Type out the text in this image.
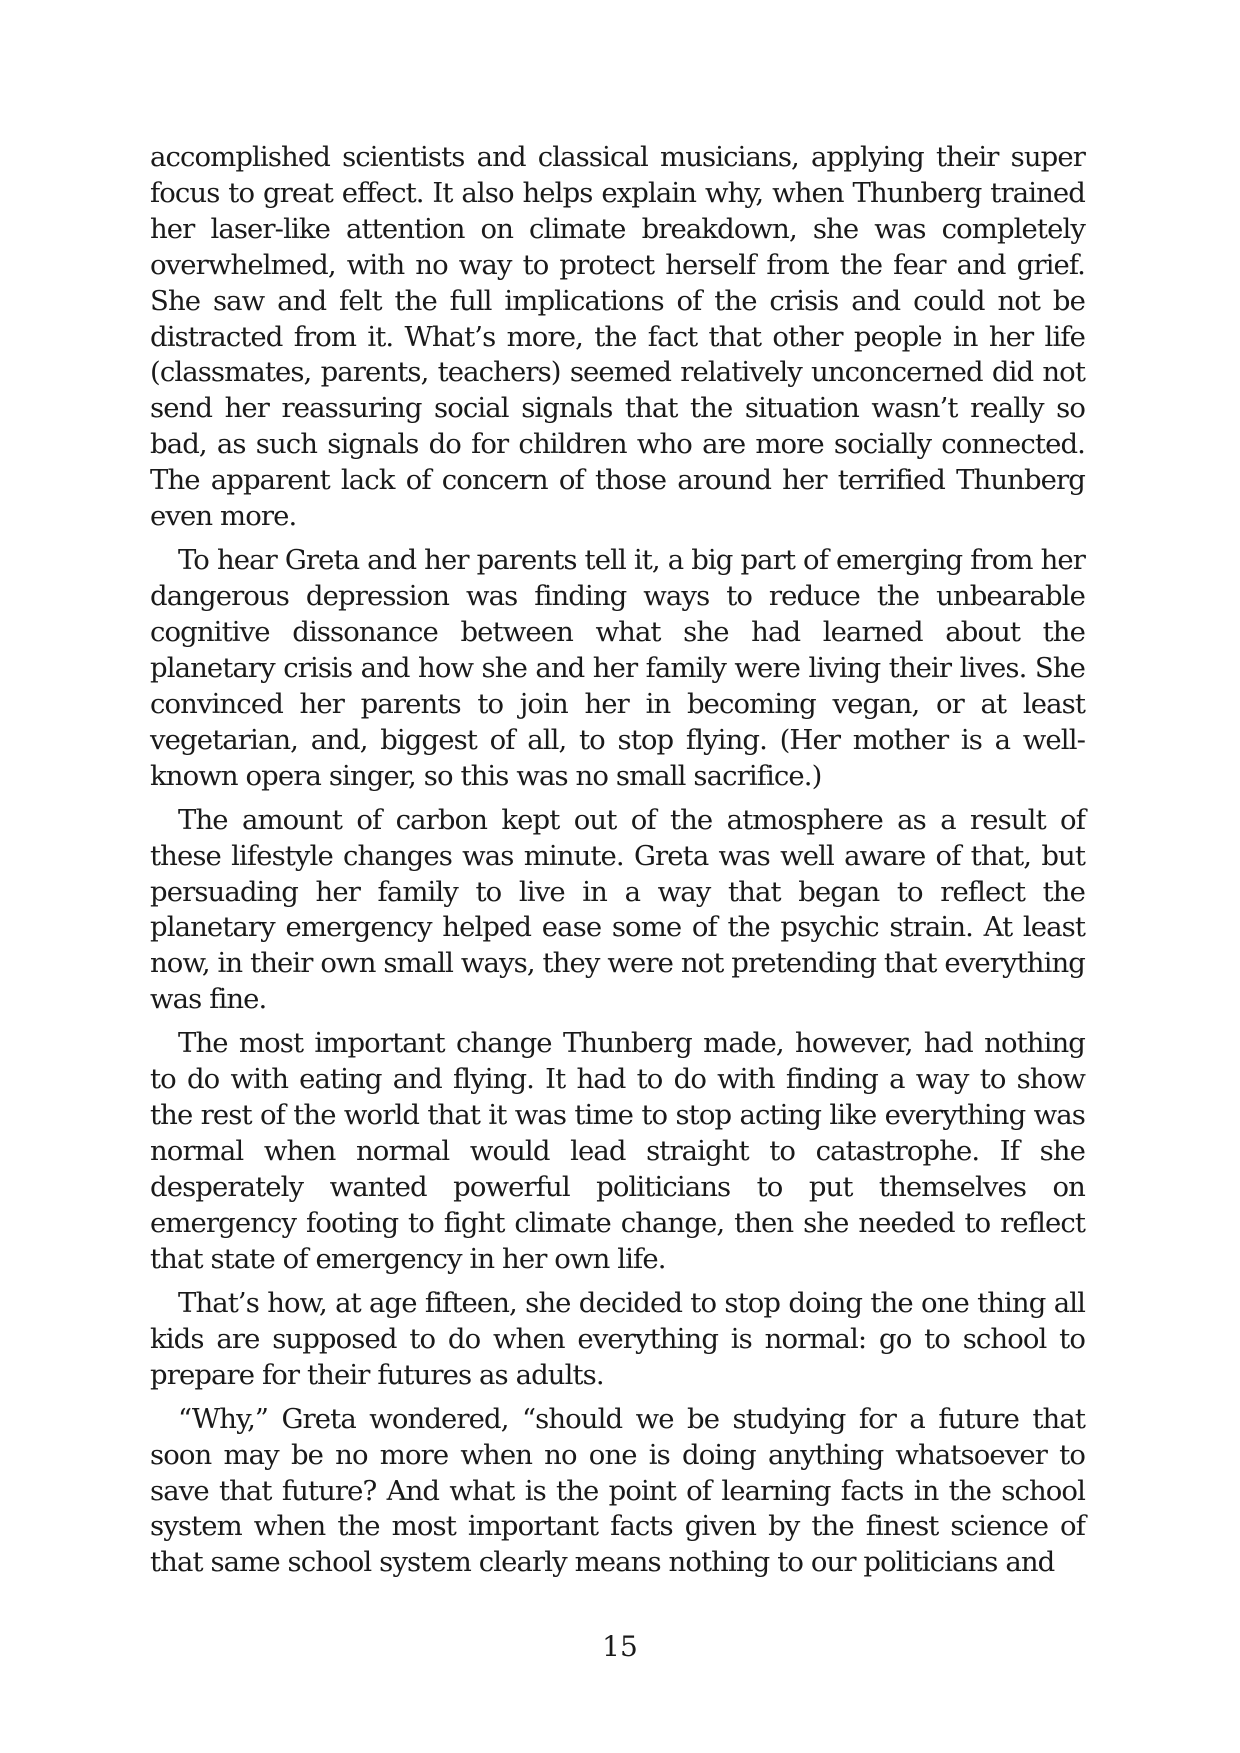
accomplished scientists and classical musicians, applying their super focus to great effect. It also helps explain why, when Thunberg trained her laser-like attention on climate breakdown, she was completely overwhelmed, with no way to protect herself from the fear and grief. She saw and felt the full implications of the crisis and could not be distracted from it. What’s more, the fact that other people in her life (classmates, parents, teachers) seemed relatively unconcerned did not send her reassuring social signals that the situation wasn’t really so bad, as such signals do for children who are more socially connected. The apparent lack of concern of those around her terrified Thunberg even more.

To hear Greta and her parents tell it, a big part of emerging from her dangerous depression was finding ways to reduce the unbearable cognitive dissonance between what she had learned about the planetary crisis and how she and her family were living their lives. She convinced her parents to join her in becoming vegan, or at least vegetarian, and, biggest of all, to stop flying. (Her mother is a well-known opera singer, so this was no small sacrifice.)

The amount of carbon kept out of the atmosphere as a result of these lifestyle changes was minute. Greta was well aware of that, but persuading her family to live in a way that began to reflect the planetary emergency helped ease some of the psychic strain. At least now, in their own small ways, they were not pretending that everything was fine.

The most important change Thunberg made, however, had nothing to do with eating and flying. It had to do with finding a way to show the rest of the world that it was time to stop acting like everything was normal when normal would lead straight to catastrophe. If she desperately wanted powerful politicians to put themselves on emergency footing to fight climate change, then she needed to reflect that state of emergency in her own life.

That’s how, at age fifteen, she decided to stop doing the one thing all kids are supposed to do when everything is normal: go to school to prepare for their futures as adults.

“Why,” Greta wondered, “should we be studying for a future that soon may be no more when no one is doing anything whatsoever to save that future? And what is the point of learning facts in the school system when the most important facts given by the finest science of that same school system clearly means nothing to our politicians and

15
